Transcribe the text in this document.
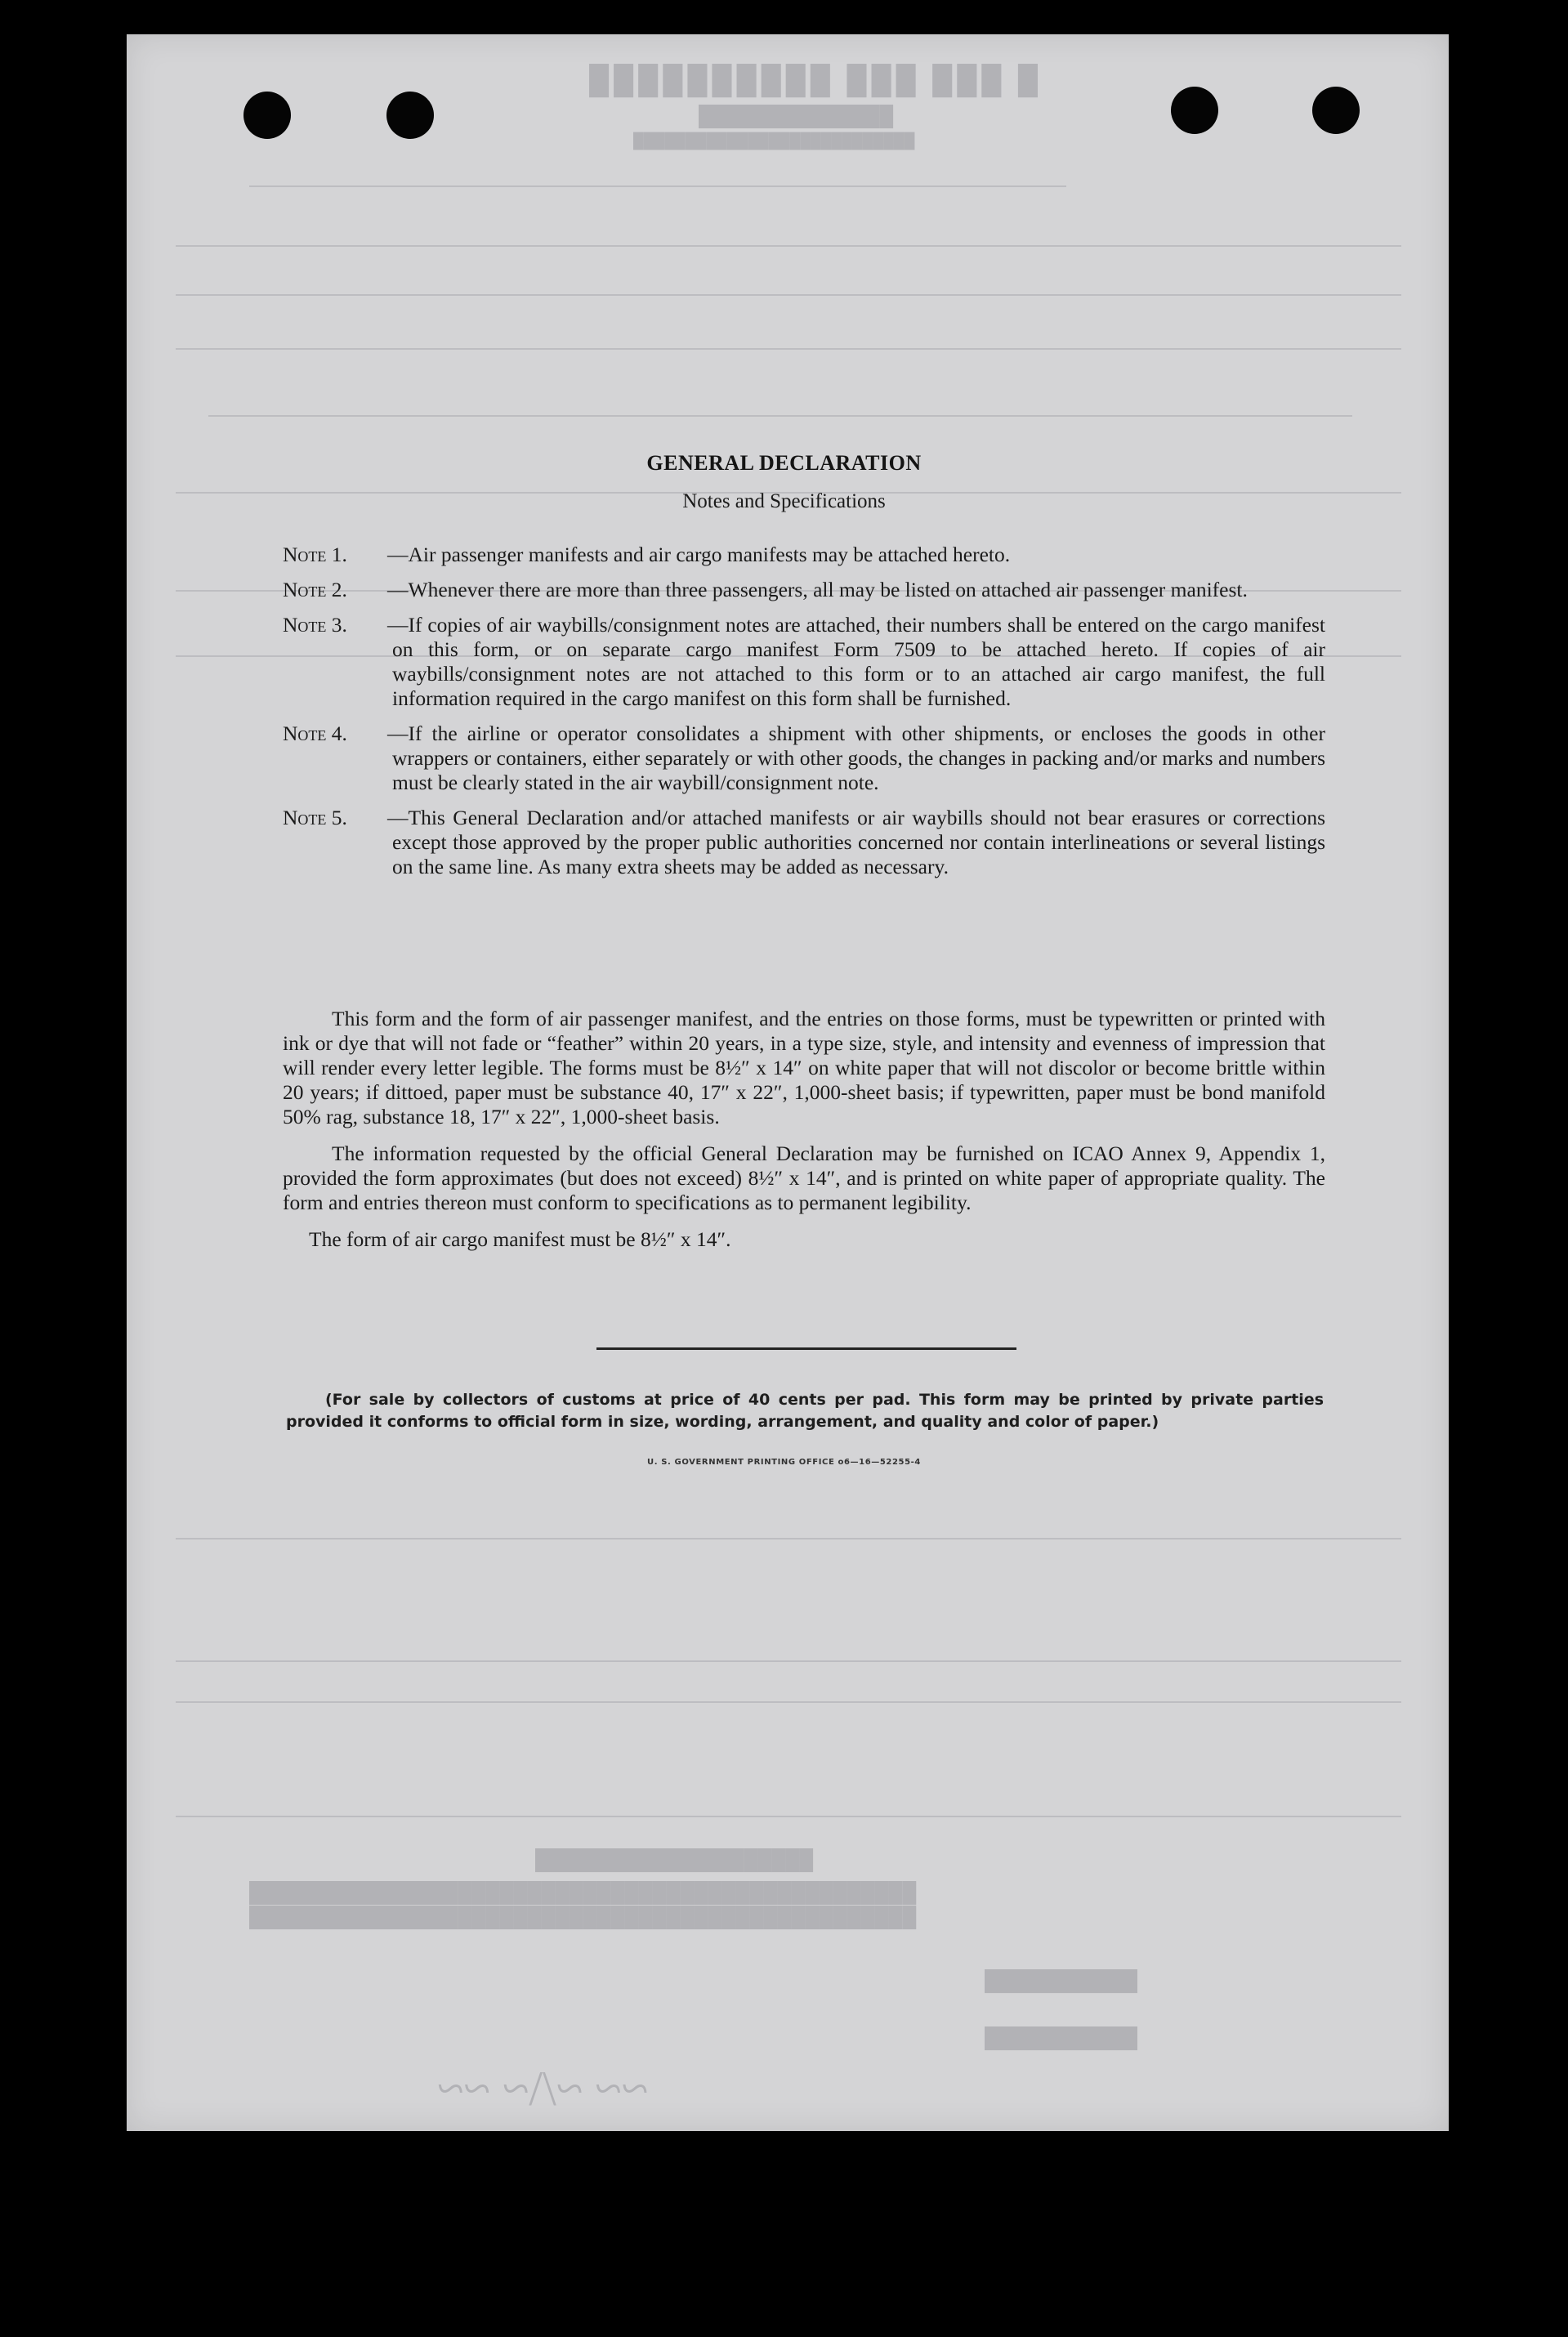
█ ███ ███ ██████████
██████████████
███████████████████████████
████████████████████
████████████████████████████████████████████████
████████████████████████████████████████████████
███████████
███████████
~~ ~/\~ ~~
GENERAL DECLARATION
Notes and Specifications
Note 1.	—Air passenger manifests and air cargo manifests may be attached hereto.
Note 2.	—Whenever there are more than three passengers, all may be listed on attached air passenger manifest.
Note 3.	—If copies of air waybills/consignment notes are attached, their numbers shall be entered on the cargo manifest on this form, or on separate cargo manifest Form 7509 to be attached hereto. If copies of air waybills/consignment notes are not attached to this form or to an attached air cargo manifest, the full information required in the cargo manifest on this form shall be furnished.
Note 4.	—If the airline or operator consolidates a shipment with other shipments, or encloses the goods in other wrappers or containers, either separately or with other goods, the changes in packing and/or marks and numbers must be clearly stated in the air waybill/consignment note.
Note 5.	—This General Declaration and/or attached manifests or air waybills should not bear erasures or corrections except those approved by the proper public authorities concerned nor contain interlineations or several listings on the same line. As many extra sheets may be added as necessary.

This form and the form of air passenger manifest, and the entries on those forms, must be typewritten or printed with ink or dye that will not fade or “feather” within 20 years, in a type size, style, and intensity and evenness of impression that will render every letter legible. The forms must be 8½″ x 14″ on white paper that will not discolor or become brittle within 20 years; if dittoed, paper must be substance 40, 17″ x 22″, 1,000-sheet basis; if typewritten, paper must be bond manifold 50% rag, substance 18, 17″ x 22″, 1,000-sheet basis.

The information requested by the official General Declaration may be furnished on ICAO Annex 9, Appendix 1, provided the form approximates (but does not exceed) 8½″ x 14″, and is printed on white paper of appropriate quality. The form and entries thereon must conform to specifications as to permanent legibility.

The form of air cargo manifest must be 8½″ x 14″.

(For sale by collectors of customs at price of 40 cents per pad. This form may be printed by private parties provided it conforms to official form in size, wording, arrangement, and quality and color of paper.)
U. S. GOVERNMENT PRINTING OFFICE o6—16—52255-4
